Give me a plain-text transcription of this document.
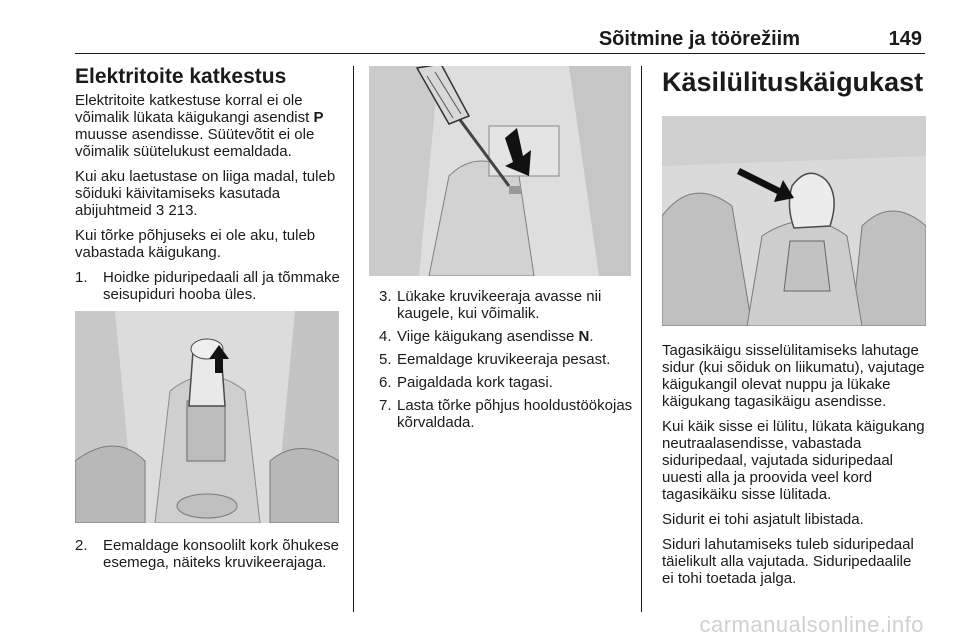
Sõitmine ja töörežiim	149
Elektritoite katkestus

Elektritoite katkestuse korral ei ole võimalik lükata käigukangi asendist P muusse asendisse. Süütevõtit ei ole võimalik süütelukust eemaldada.

Kui aku laetustase on liiga madal, tuleb sõiduki käivitamiseks kasutada abijuhtmeid 3 213.

Kui tõrke põhjuseks ei ole aku, tuleb vabastada käigukang.

1. Hoidke piduripedaali all ja tõmmake seisupiduri hooba üles.
2. Eemaldage konsoolilt kork õhukese esemega, näiteks kruvikeerajaga.
3. Lükake kruvikeeraja avasse nii kaugele, kui võimalik.
4. Viige käigukang asendisse N.
5. Eemaldage kruvikeeraja pesast.
6. Paigaldada kork tagasi.
7. Lasta tõrke põhjus hooldustöökojas kõrvaldada.
Käsilülituskäigukast

Tagasikäigu sisselülitamiseks lahutage sidur (kui sõiduk on liikumatu), vajutage käigukangil olevat nuppu ja lükake käigukang tagasikäigu asendisse.

Kui käik sisse ei lülitu, lükata käigukang neutraalasendisse, vabastada siduripedaal, vajutada siduripedaal uuesti alla ja proovida veel kord tagasikäiku sisse lülitada.

Sidurit ei tohi asjatult libistada.

Siduri lahutamiseks tuleb siduripedaal täielikult alla vajutada. Siduripedaalile ei tohi toetada jalga.

carmanualsonline.info
